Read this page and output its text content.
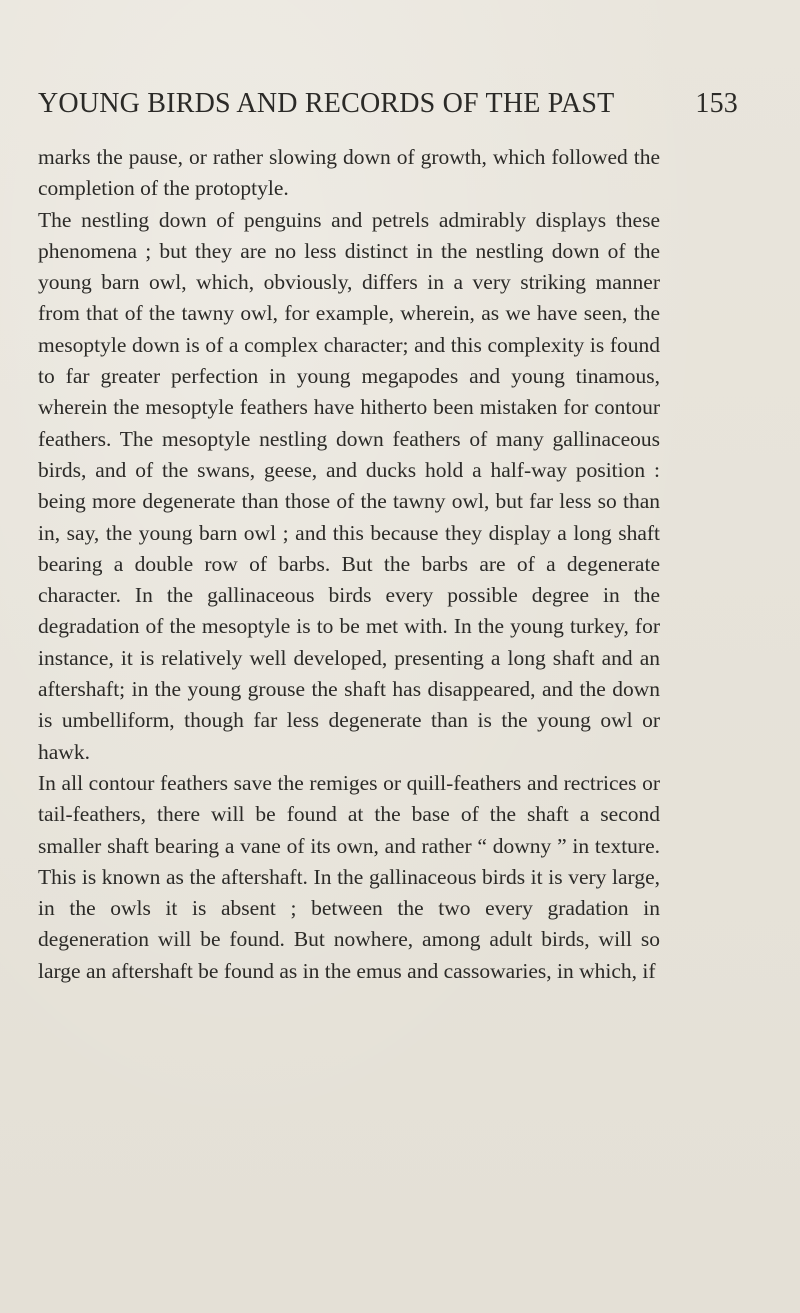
YOUNG BIRDS AND RECORDS OF THE PAST	153

marks the pause, or rather slowing down of growth, which followed the completion of the protoptyle.

The nestling down of penguins and petrels admirably displays these phenomena ; but they are no less distinct in the nestling down of the young barn owl, which, obviously, differs in a very striking manner from that of the tawny owl, for example, wherein, as we have seen, the mesoptyle down is of a complex character; and this complexity is found to far greater perfection in young megapodes and young tinamous, wherein the mesoptyle feathers have hitherto been mistaken for contour feathers. The mesoptyle nestling down feathers of many gallinaceous birds, and of the swans, geese, and ducks hold a half-way position : being more degenerate than those of the tawny owl, but far less so than in, say, the young barn owl ; and this because they display a long shaft bearing a double row of barbs. But the barbs are of a degenerate character. In the gallinaceous birds every possible degree in the degradation of the mesoptyle is to be met with. In the young turkey, for instance, it is relatively well developed, presenting a long shaft and an aftershaft; in the young grouse the shaft has disappeared, and the down is umbelliform, though far less degenerate than is the young owl or hawk.

In all contour feathers save the remiges or quill-feathers and rectrices or tail-feathers, there will be found at the base of the shaft a second smaller shaft bearing a vane of its own, and rather “ downy ” in texture. This is known as the aftershaft. In the gallinaceous birds it is very large, in the owls it is absent ; between the two every gradation in degeneration will be found. But nowhere, among adult birds, will so large an aftershaft be found as in the emus and cassowaries, in which, if
